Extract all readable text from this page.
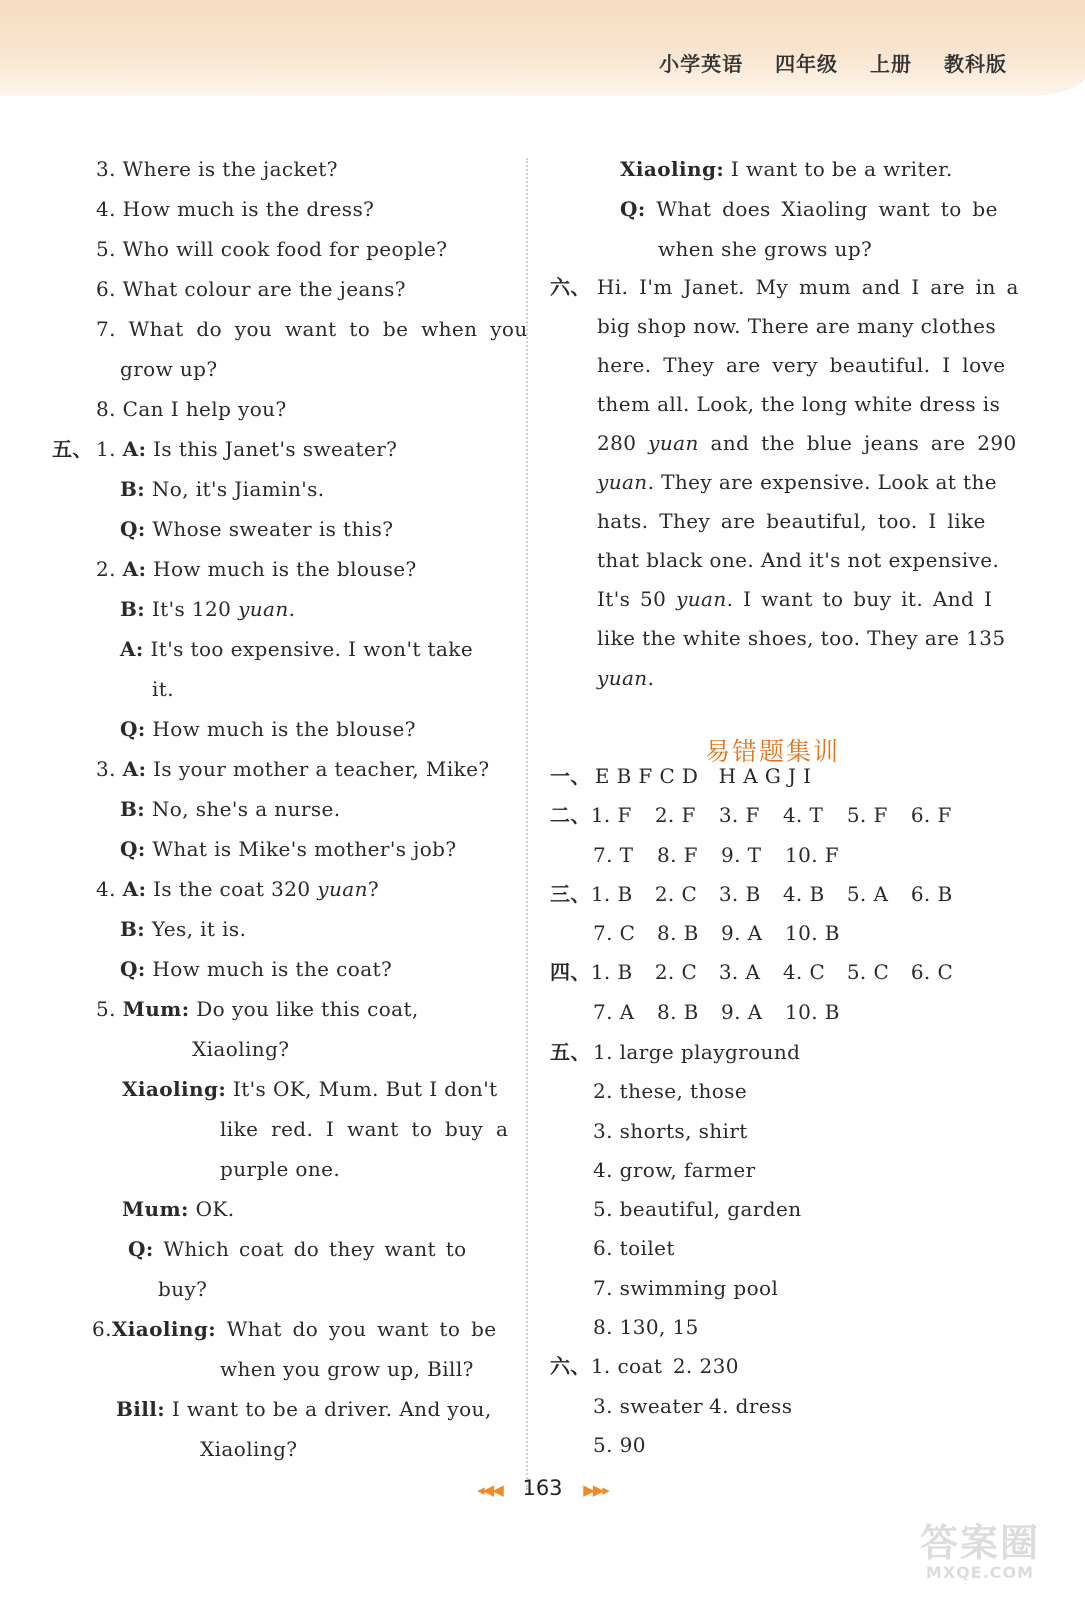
小学英语 四年级 上册 教科版
3. Where is the jacket?
4. How much is the dress?
5. Who will cook food for people?
6. What colour are the jeans?
7. What do you want to be when you
grow up?
8. Can I help you?
五、 1. A: Is this Janet's sweater?
B: No, it's Jiamin's.
Q: Whose sweater is this?
2. A: How much is the blouse?
B: It's 120 yuan.
A: It's too expensive. I won't take
it.
Q: How much is the blouse?
3. A: Is your mother a teacher, Mike?
B: No, she's a nurse.
Q: What is Mike's mother's job?
4. A: Is the coat 320 yuan?
B: Yes, it is.
Q: How much is the coat?
5. Mum: Do you like this coat,
Xiaoling?
Xiaoling: It's OK, Mum. But I don't
like red. I want to buy a
purple one.
Mum: OK.
Q: Which coat do they want to
buy?
6.Xiaoling: What do you want to be
when you grow up, Bill?
Bill: I want to be a driver. And you,
Xiaoling?
Xiaoling: I want to be a writer.
Q: What does Xiaoling want to be
when she grows up?
六、 Hi. I'm Janet. My mum and I are in a
big shop now. There are many clothes
here. They are very beautiful. I love
them all. Look, the long white dress is
280 yuan and the blue jeans are 290
yuan. They are expensive. Look at the
hats. They are beautiful, too. I like
that black one. And it's not expensive.
It's 50 yuan. I want to buy it. And I
like the white shoes, too. They are 135
yuan.
易错题集训
一、 E B F C D   H A G J I
二、1. F 2. F 3. F 4. T 5. F 6. F
7. T 8. F 9. T 10. F
三、1. B 2. C 3. B 4. B 5. A 6. B
7. C 8. B 9. A 10. B
四、1. B 2. C 3. A 4. C 5. C 6. C
7. A 8. B 9. A 10. B
五、 1. large playground
2. these, those
3. shorts, shirt
4. grow, farmer
5. beautiful, garden
6. toilet
7. swimming pool
8. 130, 15
六、1. coat 2. 230
3. sweater 4. dress
5. 90
◂◀◀ 163 ▶▶▸
答案圈
MXQE.COM
